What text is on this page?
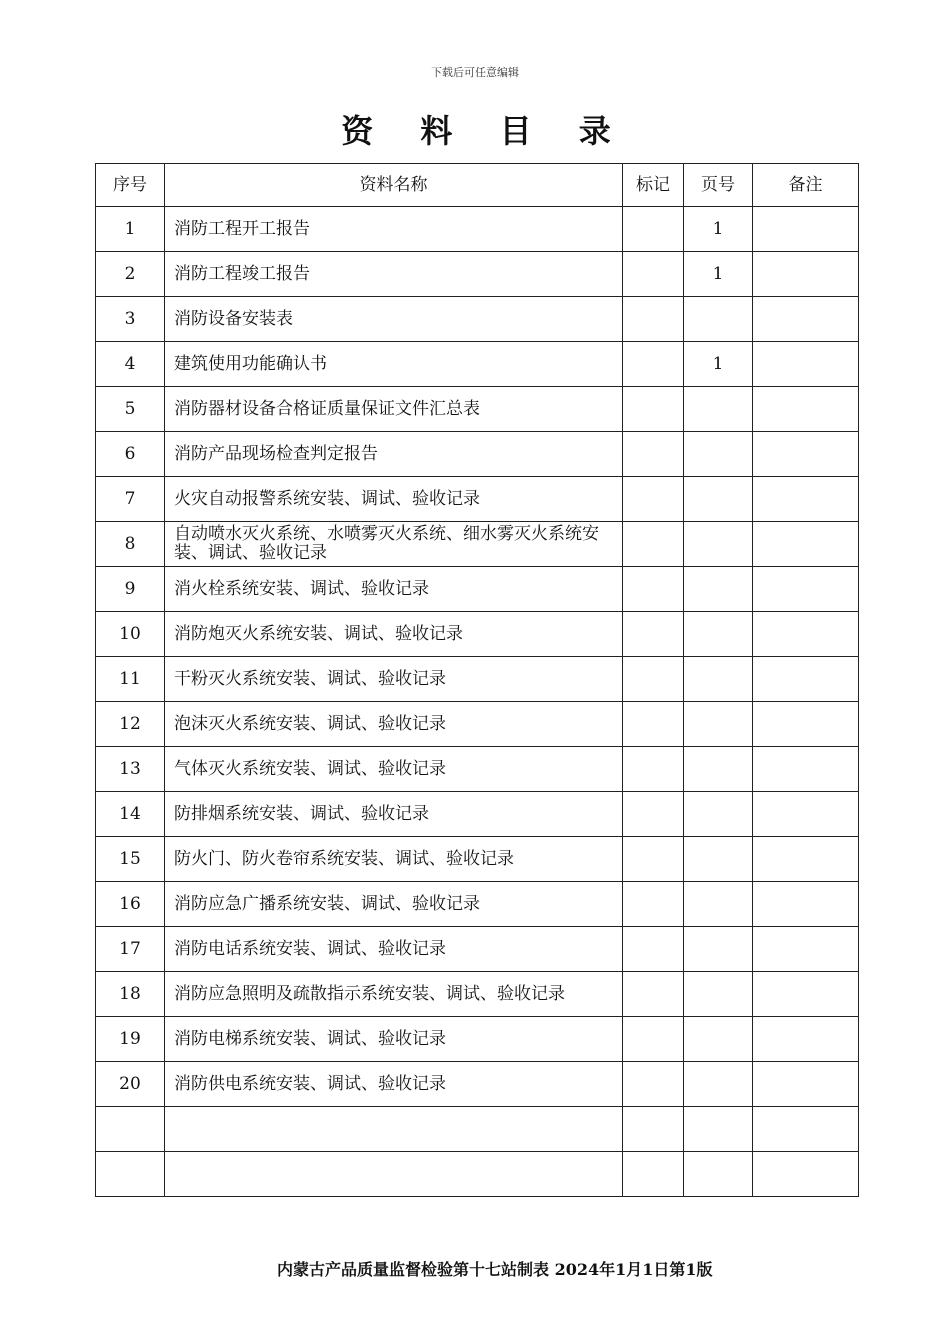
下载后可任意编辑
资 料 目 录
序号	资料名称	标记	页号	备注
1	消防工程开工报告		1	
2	消防工程竣工报告		1	
3	消防设备安装表			
4	建筑使用功能确认书		1	
5	消防器材设备合格证质量保证文件汇总表			
6	消防产品现场检查判定报告			
7	火灾自动报警系统安装、调试、验收记录			
8	自动喷水灭火系统、水喷雾灭火系统、细水雾灭火系统安装、调试、验收记录			
9	消火栓系统安装、调试、验收记录			
10	消防炮灭火系统安装、调试、验收记录			
11	干粉灭火系统安装、调试、验收记录			
12	泡沫灭火系统安装、调试、验收记录			
13	气体灭火系统安装、调试、验收记录			
14	防排烟系统安装、调试、验收记录			
15	防火门、防火卷帘系统安装、调试、验收记录			
16	消防应急广播系统安装、调试、验收记录			
17	消防电话系统安装、调试、验收记录			
18	消防应急照明及疏散指示系统安装、调试、验收记录			
19	消防电梯系统安装、调试、验收记录			
20	消防供电系统安装、调试、验收记录			

内蒙古产品质量监督检验第十七站制表 2024年1月1日第1版
